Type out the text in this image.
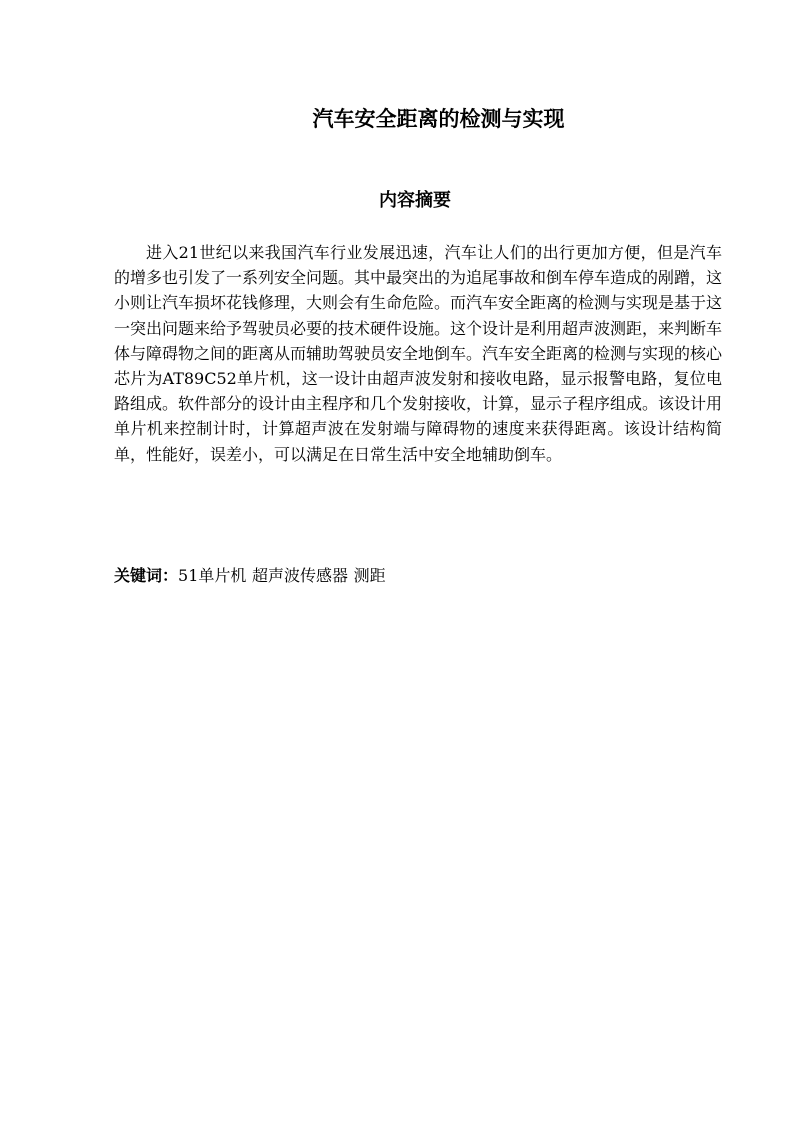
汽车安全距离的检测与实现
内容摘要

进入21世纪以来我国汽车行业发展迅速，汽车让人们的出行更加方便，但是汽车的增多也引发了一系列安全问题。其中最突出的为追尾事故和倒车停车造成的剐蹭，这小则让汽车损坏花钱修理，大则会有生命危险。而汽车安全距离的检测与实现是基于这一突出问题来给予驾驶员必要的技术硬件设施。这个设计是利用超声波测距，来判断车体与障碍物之间的距离从而辅助驾驶员安全地倒车。汽车安全距离的检测与实现的核心芯片为AT89C52单片机，这一设计由超声波发射和接收电路，显示报警电路，复位电路组成。软件部分的设计由主程序和几个发射接收，计算，显示子程序组成。该设计用单片机来控制计时，计算超声波在发射端与障碍物的速度来获得距离。该设计结构简单，性能好，误差小，可以满足在日常生活中安全地辅助倒车。

关键词：51单片机 超声波传感器 测距
